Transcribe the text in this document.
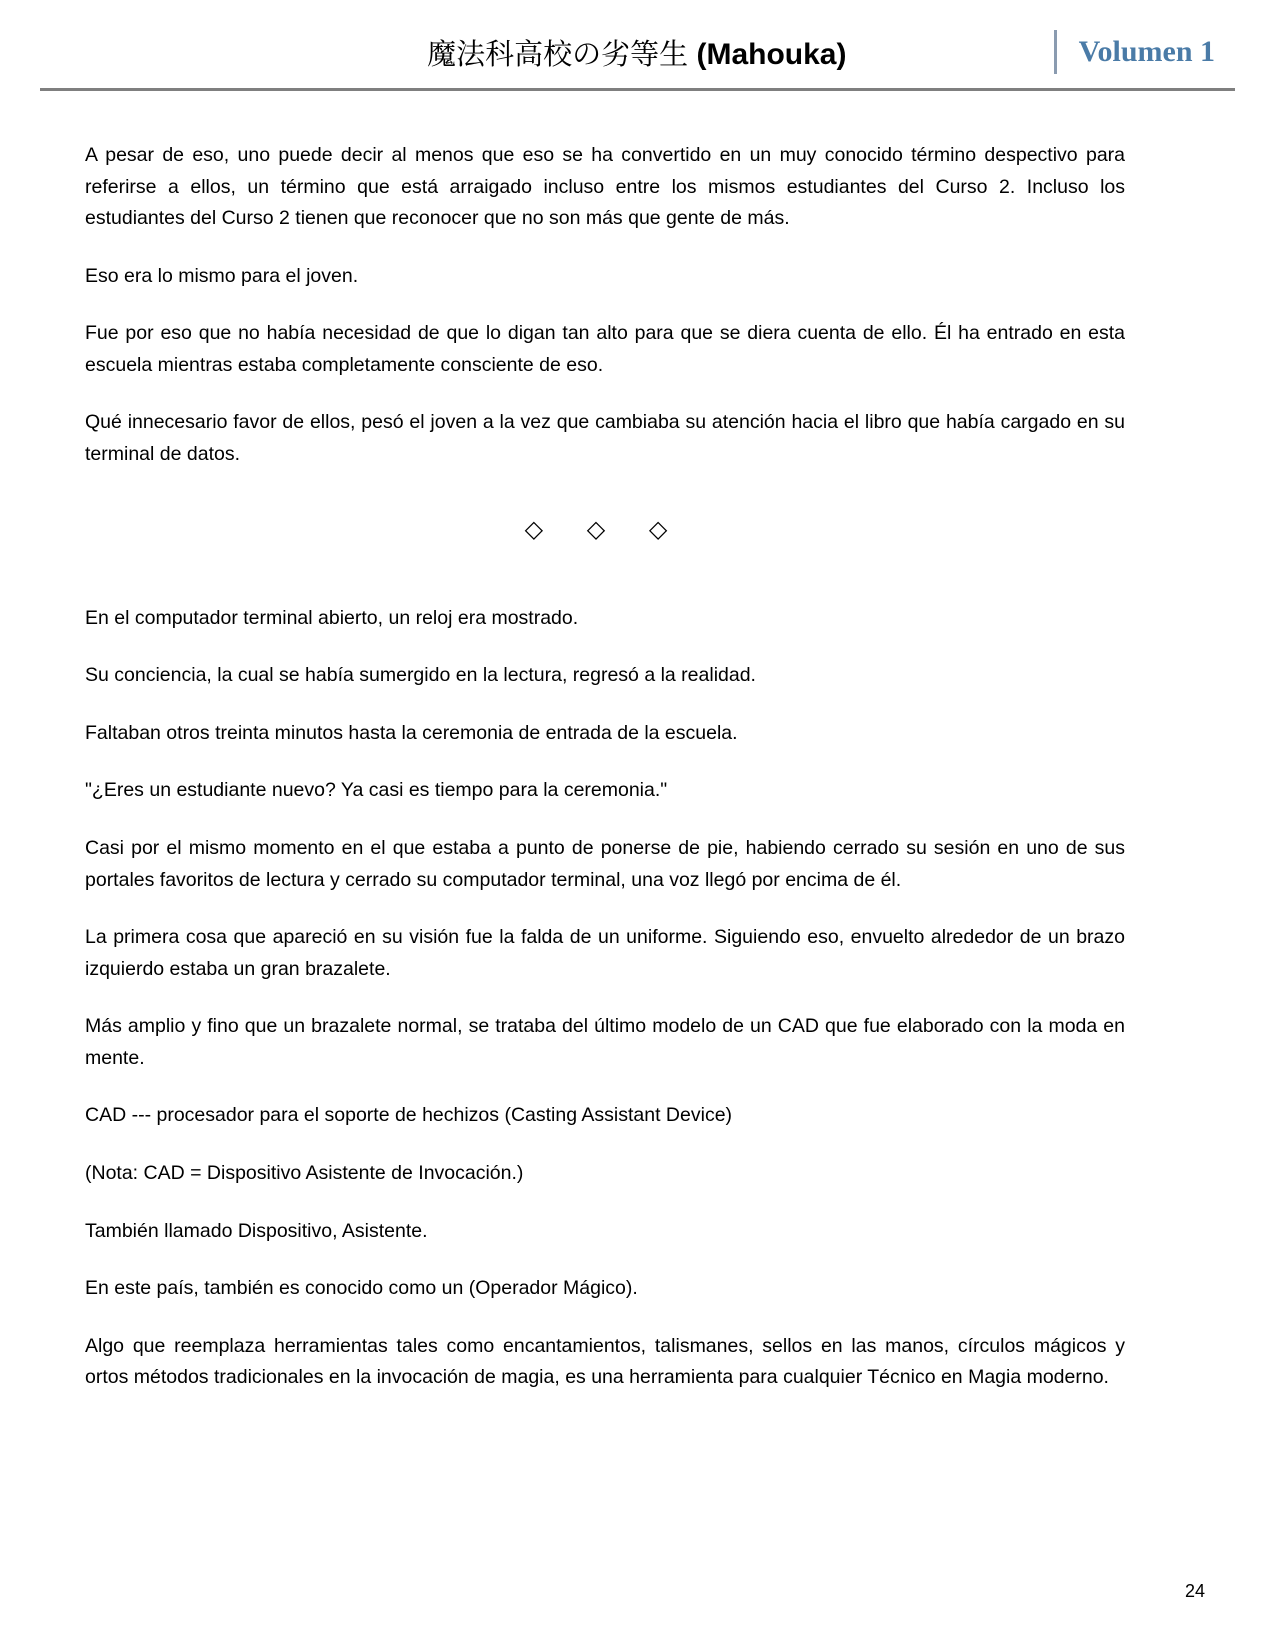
魔法科高校の劣等生 (Mahouka)	Volumen 1

A pesar de eso, uno puede decir al menos que eso se ha convertido en un muy conocido término despectivo para referirse a ellos, un término que está arraigado incluso entre los mismos estudiantes del Curso 2. Incluso los estudiantes del Curso 2 tienen que reconocer que no son más que gente de más.

Eso era lo mismo para el joven.

Fue por eso que no había necesidad de que lo digan tan alto para que se diera cuenta de ello. Él ha entrado en esta escuela mientras estaba completamente consciente de eso.

Qué innecesario favor de ellos, pesó el joven a la vez que cambiaba su atención hacia el libro que había cargado en su terminal de datos.

◇ ◇ ◇

En el computador terminal abierto, un reloj era mostrado.

Su conciencia, la cual se había sumergido en la lectura, regresó a la realidad.

Faltaban otros treinta minutos hasta la ceremonia de entrada de la escuela.

"¿Eres un estudiante nuevo? Ya casi es tiempo para la ceremonia."

Casi por el mismo momento en el que estaba a punto de ponerse de pie, habiendo cerrado su sesión en uno de sus portales favoritos de lectura y cerrado su computador terminal, una voz llegó por encima de él.

La primera cosa que apareció en su visión fue la falda de un uniforme. Siguiendo eso, envuelto alrededor de un brazo izquierdo estaba un gran brazalete.

Más amplio y fino que un brazalete normal, se trataba del último modelo de un CAD que fue elaborado con la moda en mente.

CAD --- procesador para el soporte de hechizos (Casting Assistant Device)

(Nota: CAD = Dispositivo Asistente de Invocación.)

También llamado Dispositivo, Asistente.

En este país, también es conocido como un (Operador Mágico).

Algo que reemplaza herramientas tales como encantamientos, talismanes, sellos en las manos, círculos mágicos y ortos métodos tradicionales en la invocación de magia, es una herramienta para cualquier Técnico en Magia moderno.

24
